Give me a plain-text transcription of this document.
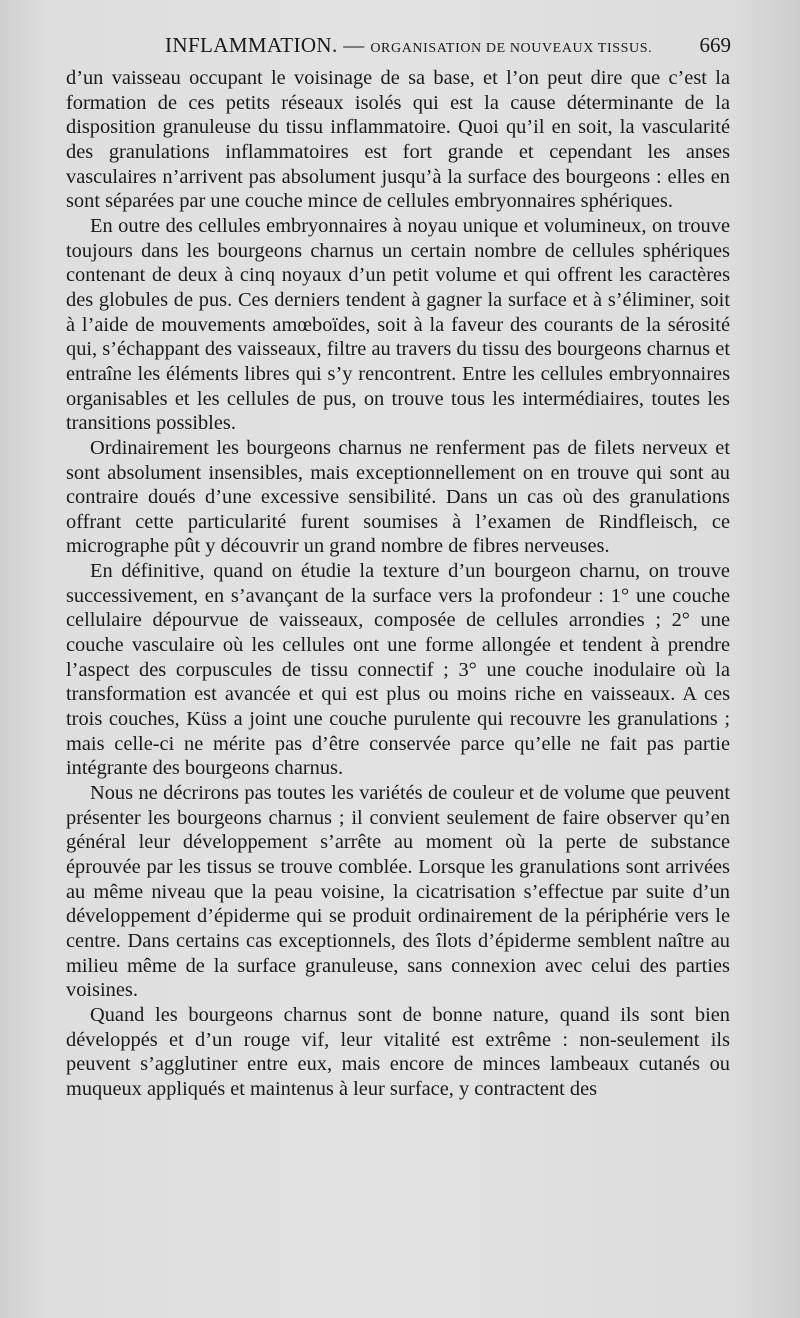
INFLAMMATION. — ORGANISATION DE NOUVEAUX TISSUS. 669

d’un vaisseau occupant le voisinage de sa base, et l’on peut dire que c’est la formation de ces petits réseaux isolés qui est la cause déterminante de la disposition granuleuse du tissu inflammatoire. Quoi qu’il en soit, la vascularité des granulations inflammatoires est fort grande et cependant les anses vasculaires n’arrivent pas absolument jusqu’à la surface des bourgeons : elles en sont séparées par une couche mince de cellules embryonnaires sphériques.

En outre des cellules embryonnaires à noyau unique et volumineux, on trouve toujours dans les bourgeons charnus un certain nombre de cellules sphériques contenant de deux à cinq noyaux d’un petit volume et qui offrent les caractères des globules de pus. Ces derniers tendent à gagner la surface et à s’éliminer, soit à l’aide de mouvements amœboïdes, soit à la faveur des courants de la sérosité qui, s’échappant des vaisseaux, filtre au travers du tissu des bourgeons charnus et entraîne les éléments libres qui s’y rencontrent. Entre les cellules embryonnaires organisables et les cellules de pus, on trouve tous les intermédiaires, toutes les transitions possibles.

Ordinairement les bourgeons charnus ne renferment pas de filets nerveux et sont absolument insensibles, mais exceptionnellement on en trouve qui sont au contraire doués d’une excessive sensibilité. Dans un cas où des granulations offrant cette particularité furent soumises à l’examen de Rindfleisch, ce micrographe pût y découvrir un grand nombre de fibres nerveuses.

En définitive, quand on étudie la texture d’un bourgeon charnu, on trouve successivement, en s’avançant de la surface vers la profondeur : 1° une couche cellulaire dépourvue de vaisseaux, composée de cellules arrondies ; 2° une couche vasculaire où les cellules ont une forme allongée et tendent à prendre l’aspect des corpuscules de tissu connectif ; 3° une couche inodulaire où la transformation est avancée et qui est plus ou moins riche en vaisseaux. A ces trois couches, Küss a joint une couche purulente qui recouvre les granulations ; mais celle-ci ne mérite pas d’être conservée parce qu’elle ne fait pas partie intégrante des bourgeons charnus.

Nous ne décrirons pas toutes les variétés de couleur et de volume que peuvent présenter les bourgeons charnus ; il convient seulement de faire observer qu’en général leur développement s’arrête au moment où la perte de substance éprouvée par les tissus se trouve comblée. Lorsque les granulations sont arrivées au même niveau que la peau voisine, la cicatrisation s’effectue par suite d’un développement d’épiderme qui se produit ordinairement de la périphérie vers le centre. Dans certains cas exceptionnels, des îlots d’épiderme semblent naître au milieu même de la surface granuleuse, sans connexion avec celui des parties voisines.

Quand les bourgeons charnus sont de bonne nature, quand ils sont bien développés et d’un rouge vif, leur vitalité est extrême : non-seulement ils peuvent s’agglutiner entre eux, mais encore de minces lambeaux cutanés ou muqueux appliqués et maintenus à leur surface, y contractent des
